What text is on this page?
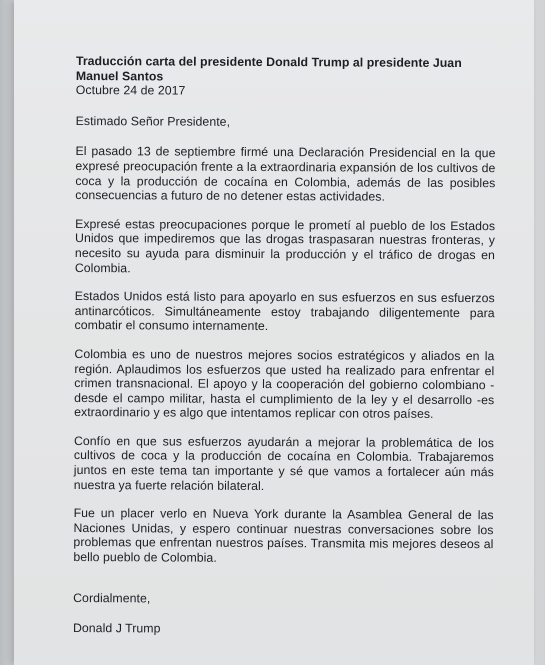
Traducción carta del presidente Donald Trump al presidente Juan Manuel Santos

Octubre 24 de 2017

Estimado Señor Presidente,

El pasado 13 de septiembre firmé una Declaración Presidencial en la que expresé preocupación frente a la extraordinaria expansión de los cultivos de coca y la producción de cocaína en Colombia, además de las posibles consecuencias a futuro de no detener estas actividades.

Expresé estas preocupaciones porque le prometí al pueblo de los Estados Unidos que impediremos que las drogas traspasaran nuestras fronteras, y necesito su ayuda para disminuir la producción y el tráfico de drogas en Colombia.

Estados Unidos está listo para apoyarlo en sus esfuerzos en sus esfuerzos antinarcóticos. Simultáneamente estoy trabajando diligentemente para combatir el consumo internamente.

Colombia es uno de nuestros mejores socios estratégicos y aliados en la región. Aplaudimos los esfuerzos que usted ha realizado para enfrentar el crimen transnacional. El apoyo y la cooperación del gobierno colombiano -desde el campo militar, hasta el cumplimiento de la ley y el desarrollo -es extraordinario y es algo que intentamos replicar con otros países.

Confío en que sus esfuerzos ayudarán a mejorar la problemática de los cultivos de coca y la producción de cocaína en Colombia. Trabajaremos juntos en este tema tan importante y sé que vamos a fortalecer aún más nuestra ya fuerte relación bilateral.

Fue un placer verlo en Nueva York durante la Asamblea General de las Naciones Unidas, y espero continuar nuestras conversaciones sobre los problemas que enfrentan nuestros países. Transmita mis mejores deseos al bello pueblo de Colombia.

Cordialmente,

Donald J Trump
